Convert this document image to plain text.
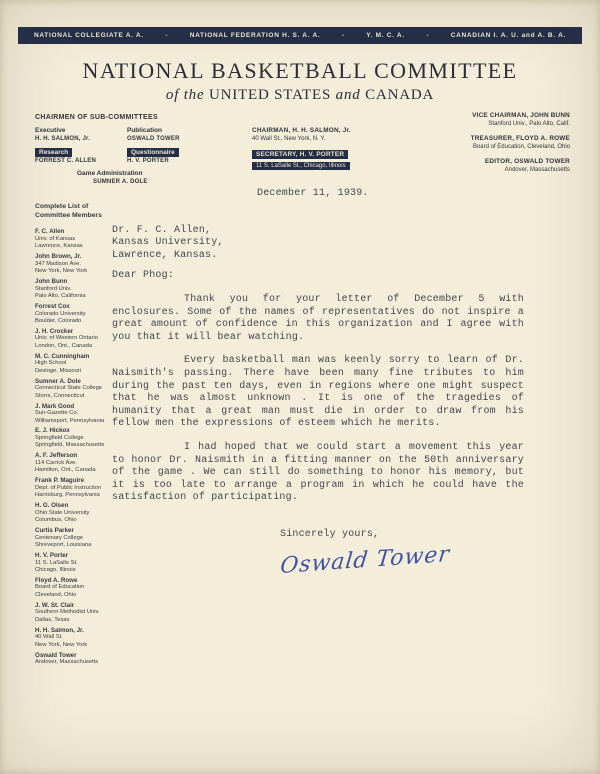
NATIONAL COLLEGIATE A. A.	-	NATIONAL FEDERATION H. S. A. A.	-	Y. M. C. A.	-	CANADIAN I. A. U. and A. B. A.
NATIONAL BASKETBALL COMMITTEE
of the UNITED STATES and CANADA
CHAIRMEN OF SUB-COMMITTEES
Executive
H. H. SALMON, Jr.
Publication
OSWALD TOWER
Research
FORREST C. ALLEN
Questionnaire
H. V. PORTER
Game Administration
SUMNER A. DOLE
CHAIRMAN, H. H. SALMON, Jr.
40 Wall St., New York, N. Y.
SECRETARY, H. V. PORTER
11 S. LaSalle St., Chicago, Illinois
VICE CHAIRMAN, JOHN BUNN
Stanford Univ., Palo Alto, Calif.
TREASURER, FLOYD A. ROWE
Board of Education, Cleveland, Ohio
EDITOR, OSWALD TOWER
Andover, Massachusetts
Complete List of Committee Members
F. C. Allen
Univ. of Kansas
Lawrence, Kansas
John Brown, Jr.
347 Madison Ave.
New York, New York
John Bunn
Stanford Univ.
Palo Alto, California
Forrest Cox
Colorado University
Boulder, Colorado
J. H. Crocker
Univ. of Western Ontario
London, Ont., Canada
M. C. Cunningham
High School
Desloge, Missouri
Sumner A. Dole
Connecticut State College
Storrs, Connecticut
J. Mark Good
Sun-Gazette Co.
Williamsport, Pennsylvania
E. J. Hickox
Springfield College
Springfield, Massachusetts
A. F. Jefferson
114 Carrick Ave.
Hamilton, Ont., Canada
Frank P. Maguire
Dept. of Public Instruction
Harrisburg, Pennsylvania
H. G. Olsen
Ohio State University
Columbus, Ohio
Curtis Parker
Centenary College
Shreveport, Louisiana
H. V. Porter
11 S. LaSalle St.
Chicago, Illinois
Floyd A. Rowe
Board of Education
Cleveland, Ohio
J. W. St. Clair
Southern Methodist Univ.
Dallas, Texas
H. H. Salmon, Jr.
40 Wall St.
New York, New York
Oswald Tower
Andover, Massachusetts
December 11, 1939.
Dr. F. C. Allen,
Kansas University,
Lawrence, Kansas.
Dear Phog:

Thank you for your letter of December 5 with enclosures. Some of the names of representatives do not inspire a great amount of confidence in this organization and I agree with you that it will bear watching.

Every basketball man was keenly sorry to learn of Dr. Naismith's passing. There have been many fine tributes to him during the past ten days, even in regions where one might suspect that he was almost unknown . It is one of the tragedies of humanity that a great man must die in order to draw from his fellow men the expressions of esteem which he merits.

I had hoped that we could start a movement this year to honor Dr. Naismith in a fitting manner on the 50th anniversary of the game . We can still do something to honor his memory, but it is too late to arrange a program in which he could have the satisfaction of participating.

Sincerely yours,
Oswald Tower
